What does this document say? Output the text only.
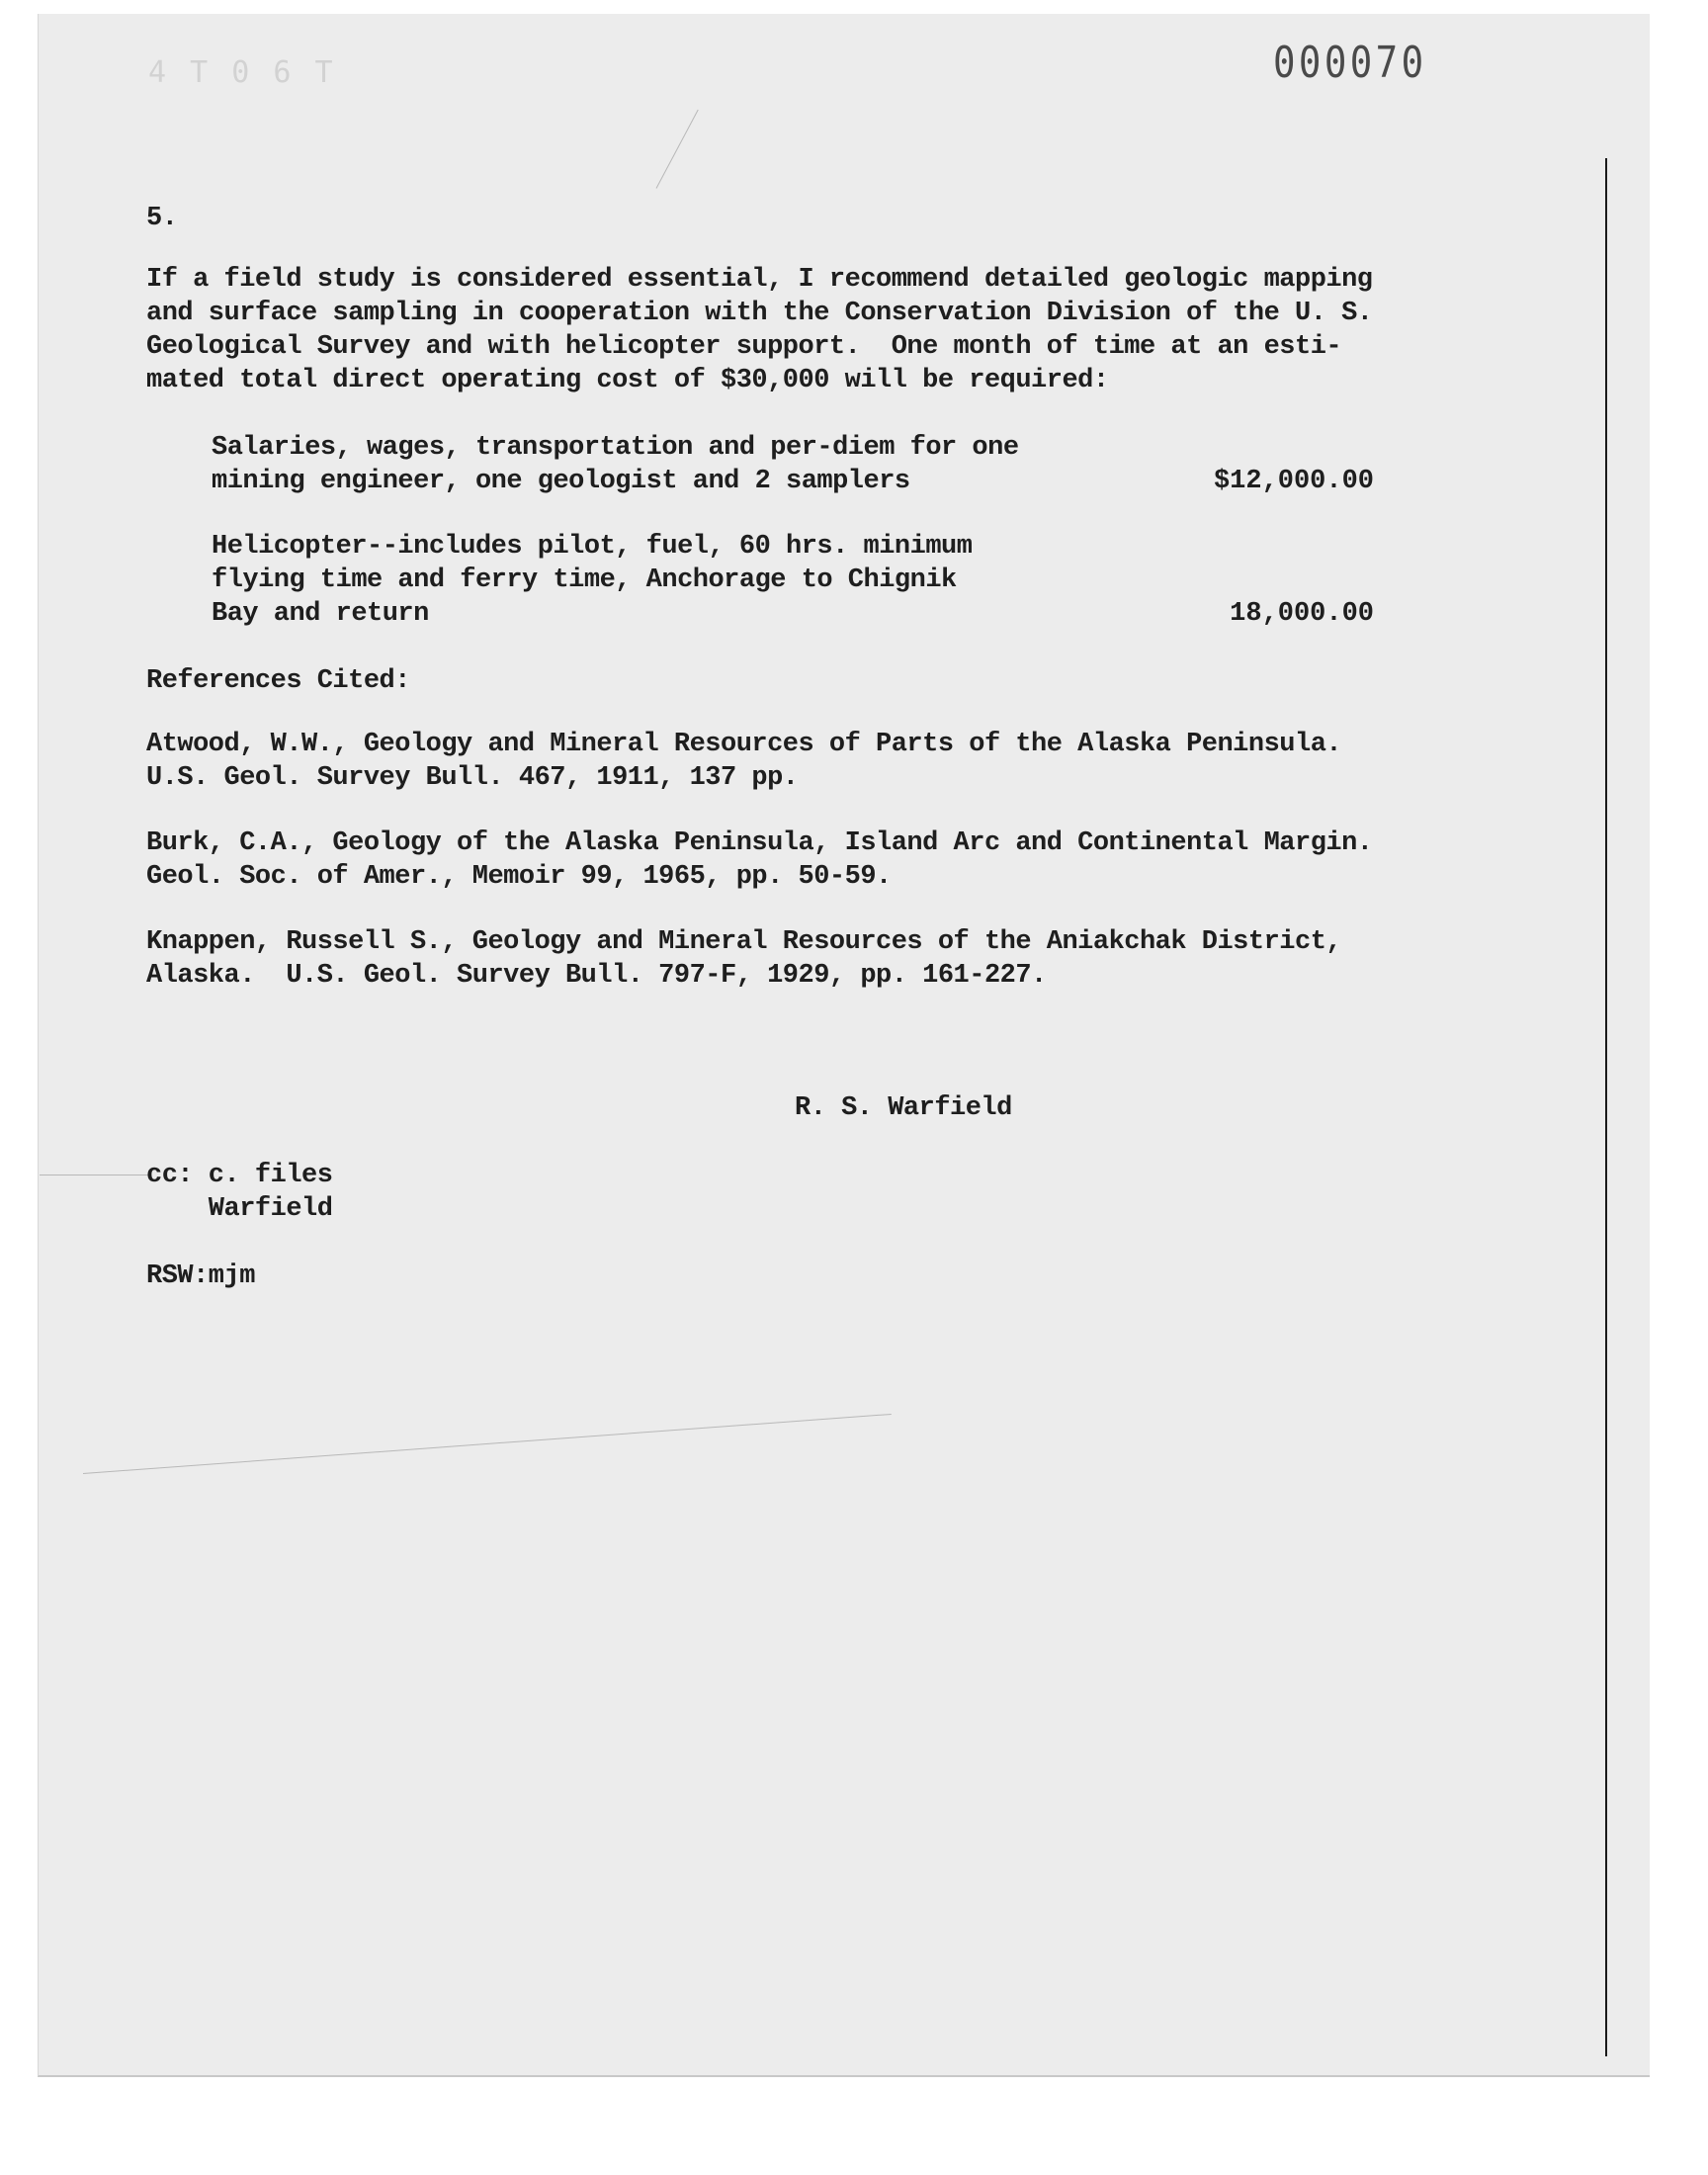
4 T 0 6 T	000070

5.

If a field study is considered essential, I recommend detailed geologic mapping

and surface sampling in cooperation with the Conservation Division of the U. S.

Geological Survey and with helicopter support.  One month of time at an esti-

mated total direct operating cost of $30,000 will be required:

Salaries, wages, transportation and per-diem for one

mining engineer, one geologist and 2 samplers	$12,000.00

Helicopter--includes pilot, fuel, 60 hrs. minimum

flying time and ferry time, Anchorage to Chignik

Bay and return	18,000.00

References Cited:

Atwood, W.W., Geology and Mineral Resources of Parts of the Alaska Peninsula.

U.S. Geol. Survey Bull. 467, 1911, 137 pp.

Burk, C.A., Geology of the Alaska Peninsula, Island Arc and Continental Margin.

Geol. Soc. of Amer., Memoir 99, 1965, pp. 50-59.

Knappen, Russell S., Geology and Mineral Resources of the Aniakchak District,

Alaska.  U.S. Geol. Survey Bull. 797-F, 1929, pp. 161-227.

R. S. Warfield

cc: c. files

Warfield

RSW:mjm
